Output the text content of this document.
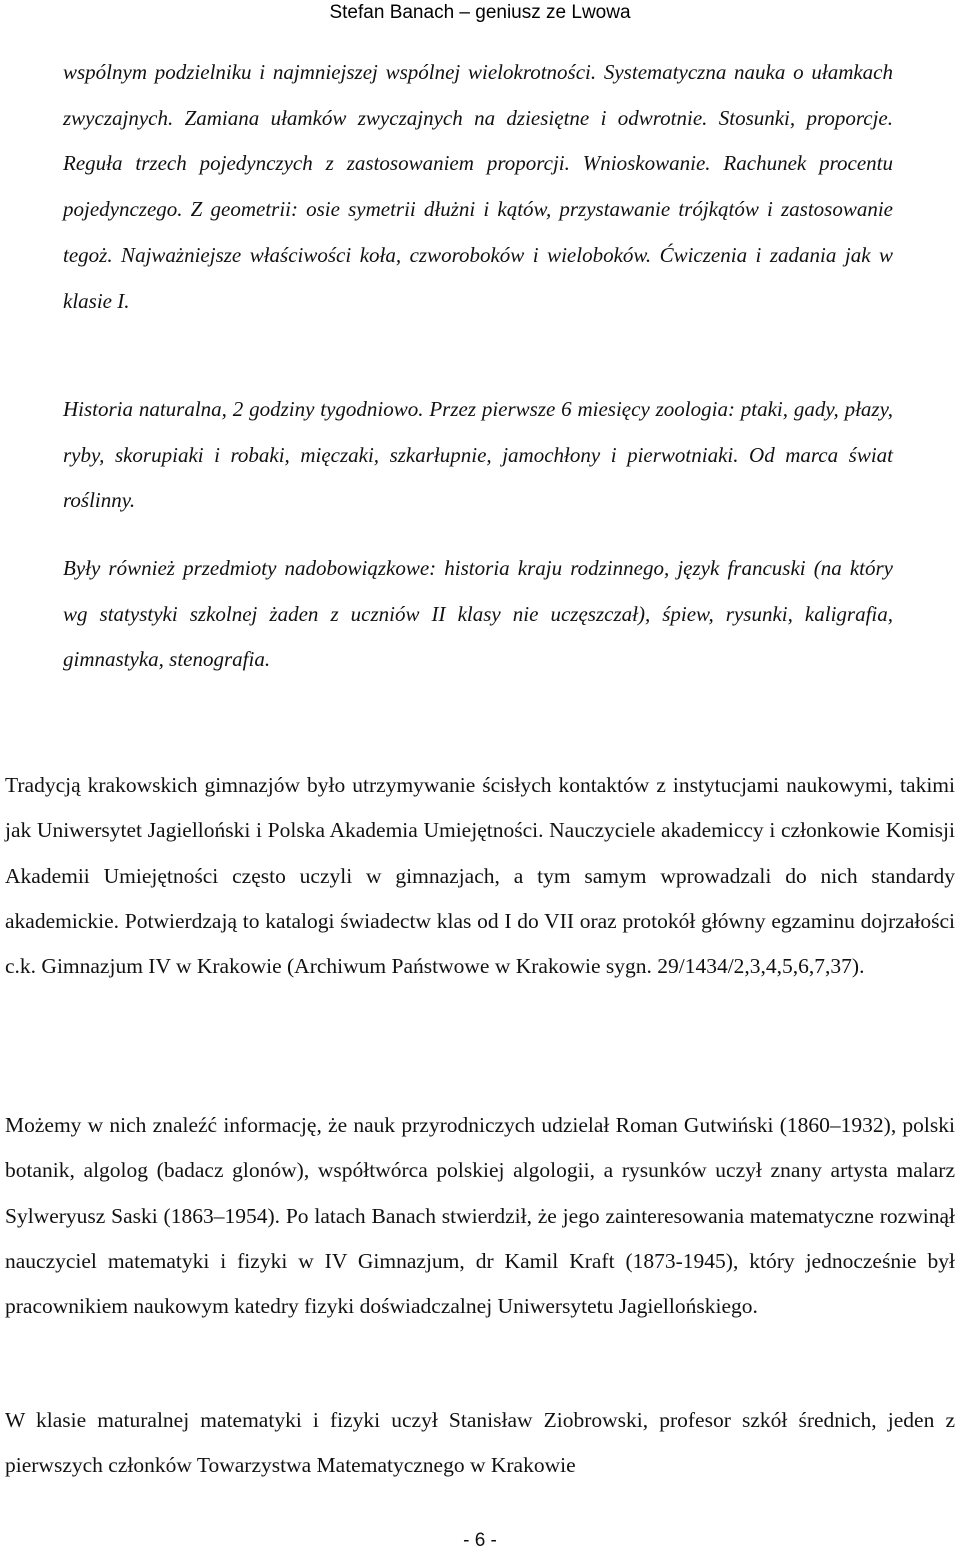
Stefan Banach – geniusz ze Lwowa

wspólnym podzielniku i najmniejszej wspólnej wielokrotności. Systematyczna nauka o ułamkach zwyczajnych. Zamiana ułamków zwyczajnych na dziesiętne i odwrotnie. Stosunki, proporcje. Reguła trzech pojedynczych z zastosowaniem proporcji. Wnioskowanie. Rachunek procentu pojedynczego. Z geometrii: osie symetrii dłużni i kątów, przystawanie trójkątów i zastosowanie tegoż. Najważniejsze właściwości koła, czworoboków i wieloboków. Ćwiczenia i zadania jak w klasie I.

Historia naturalna, 2 godziny tygodniowo. Przez pierwsze 6 miesięcy zoologia: ptaki, gady, płazy, ryby, skorupiaki i robaki, mięczaki, szkarłupnie, jamochłony i pierwotniaki. Od marca świat roślinny.

Były również przedmioty nadobowiązkowe: historia kraju rodzinnego, język francuski (na który wg statystyki szkolnej żaden z uczniów II klasy nie uczęszczał), śpiew, rysunki, kaligrafia, gimnastyka, stenografia.

Tradycją krakowskich gimnazjów było utrzymywanie ścisłych kontaktów z instytucjami naukowymi, takimi jak Uniwersytet Jagielloński i Polska Akademia Umiejętności. Nauczyciele akademiccy i członkowie Komisji Akademii Umiejętności często uczyli w gimnazjach, a tym samym wprowadzali do nich standardy akademickie. Potwierdzają to katalogi świadectw klas od I do VII oraz protokół główny egzaminu dojrzałości c.k. Gimnazjum IV w Krakowie (Archiwum Państwowe w Krakowie sygn. 29/1434/2,3,4,5,6,7,37).

Możemy w nich znaleźć informację, że nauk przyrodniczych udzielał Roman Gutwiński (1860–1932), polski botanik, algolog (badacz glonów), współtwórca polskiej algologii, a rysunków uczył znany artysta malarz Sylweryusz Saski (1863–1954). Po latach Banach stwierdził, że jego zainteresowania matematyczne rozwinął nauczyciel matematyki i fizyki w IV Gimnazjum, dr Kamil Kraft (1873-1945), który jednocześnie był pracownikiem naukowym katedry fizyki doświadczalnej Uniwersytetu Jagiellońskiego.

W klasie maturalnej matematyki i fizyki uczył Stanisław Ziobrowski, profesor szkół średnich, jeden z pierwszych członków Towarzystwa Matematycznego w Krakowie

- 6 -
